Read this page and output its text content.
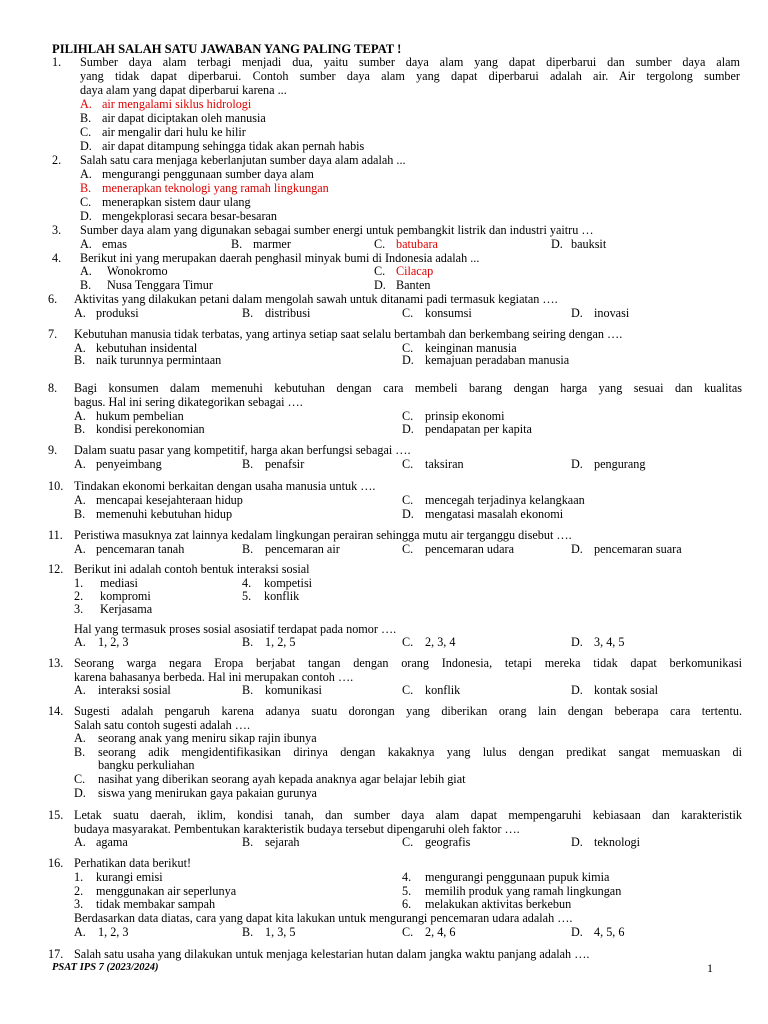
PILIHLAH SALAH SATU JAWABAN YANG PALING TEPAT !
1. Sumber daya alam terbagi menjadi dua, yaitu sumber daya alam yang dapat diperbarui dan sumber daya alam
yang tidak dapat diperbarui. Contoh sumber daya alam yang dapat diperbarui adalah air. Air tergolong sumber
daya alam yang dapat diperbarui karena ...
A. air mengalami siklus hidrologi
B. air dapat diciptakan oleh manusia
C. air mengalir dari hulu ke hilir
D. air dapat ditampung sehingga tidak akan pernah habis
2. Salah satu cara menjaga keberlanjutan sumber daya alam adalah ...
A. mengurangi penggunaan sumber daya alam
B. menerapkan teknologi yang ramah lingkungan
C. menerapkan sistem daur ulang
D. mengekplorasi secara besar-besaran
3. Sumber daya alam yang digunakan sebagai sumber energi untuk pembangkit listrik dan industri yaitru …
A. emas	B. marmer	C. batubara	D. bauksit
4. Berikut ini yang merupakan daerah penghasil minyak bumi di Indonesia adalah ...
A. Wonokromo	C. Cilacap
B. Nusa Tenggara Timur	D. Banten
6. Aktivitas yang dilakukan petani dalam mengolah sawah untuk ditanami padi termasuk kegiatan ….
A. produksi	B. distribusi	C. konsumsi	D. inovasi
7. Kebutuhan manusia tidak terbatas, yang artinya setiap saat selalu bertambah dan berkembang seiring dengan ….
A. kebutuhan insidental	C. keinginan manusia
B. naik turunnya permintaan	D. kemajuan peradaban manusia
8. Bagi konsumen dalam memenuhi kebutuhan dengan cara membeli barang dengan harga yang sesuai dan kualitas
bagus. Hal ini sering dikategorikan sebagai ….
A. hukum pembelian	C. prinsip ekonomi
B. kondisi perekonomian	D. pendapatan per kapita
9. Dalam suatu pasar yang kompetitif, harga akan berfungsi sebagai ….
A. penyeimbang	B. penafsir	C. taksiran	D. pengurang
10. Tindakan ekonomi berkaitan dengan usaha manusia untuk ….
A. mencapai kesejahteraan hidup	C. mencegah terjadinya kelangkaan
B. memenuhi kebutuhan hidup	D. mengatasi masalah ekonomi
11. Peristiwa masuknya zat lainnya kedalam lingkungan perairan sehingga mutu air terganggu disebut ….
A. pencemaran tanah	B. pencemaran air	C. pencemaran udara	D. pencemaran suara
12. Berikut ini adalah contoh bentuk interaksi sosial
1. mediasi	4. kompetisi
2. kompromi	5. konflik
3. Kerjasama
Hal yang termasuk proses sosial asosiatif terdapat pada nomor ….
A. 1, 2, 3	B. 1, 2, 5	C. 2, 3, 4	D. 3, 4, 5
13. Seorang warga negara Eropa berjabat tangan dengan orang Indonesia, tetapi mereka tidak dapat berkomunikasi
karena bahasanya berbeda. Hal ini merupakan contoh ….
A. interaksi sosial	B. komunikasi	C. konflik	D. kontak sosial
14. Sugesti adalah pengaruh karena adanya suatu dorongan yang diberikan orang lain dengan beberapa cara tertentu.
Salah satu contoh sugesti adalah ….
A. seorang anak yang meniru sikap rajin ibunya
B. seorang adik mengidentifikasikan dirinya dengan kakaknya yang lulus dengan predikat sangat memuaskan di
bangku perkuliahan
C. nasihat yang diberikan seorang ayah kepada anaknya agar belajar lebih giat
D. siswa yang menirukan gaya pakaian gurunya
15. Letak suatu daerah, iklim, kondisi tanah, dan sumber daya alam dapat mempengaruhi kebiasaan dan karakteristik
budaya masyarakat. Pembentukan karakteristik budaya tersebut dipengaruhi oleh faktor ….
A. agama	B. sejarah	C. geografis	D. teknologi
16. Perhatikan data berikut!
1. kurangi emisi	4. mengurangi penggunaan pupuk kimia
2. menggunakan air seperlunya	5. memilih produk yang ramah lingkungan
3. tidak membakar sampah	6. melakukan aktivitas berkebun
Berdasarkan data diatas, cara yang dapat kita lakukan untuk mengurangi pencemaran udara adalah ….
A. 1, 2, 3	B. 1, 3, 5	C. 2, 4, 6	D. 4, 5, 6
17. Salah satu usaha yang dilakukan untuk menjaga kelestarian hutan dalam jangka waktu panjang adalah ….
PSAT IPS 7 (2023/2024)	1
